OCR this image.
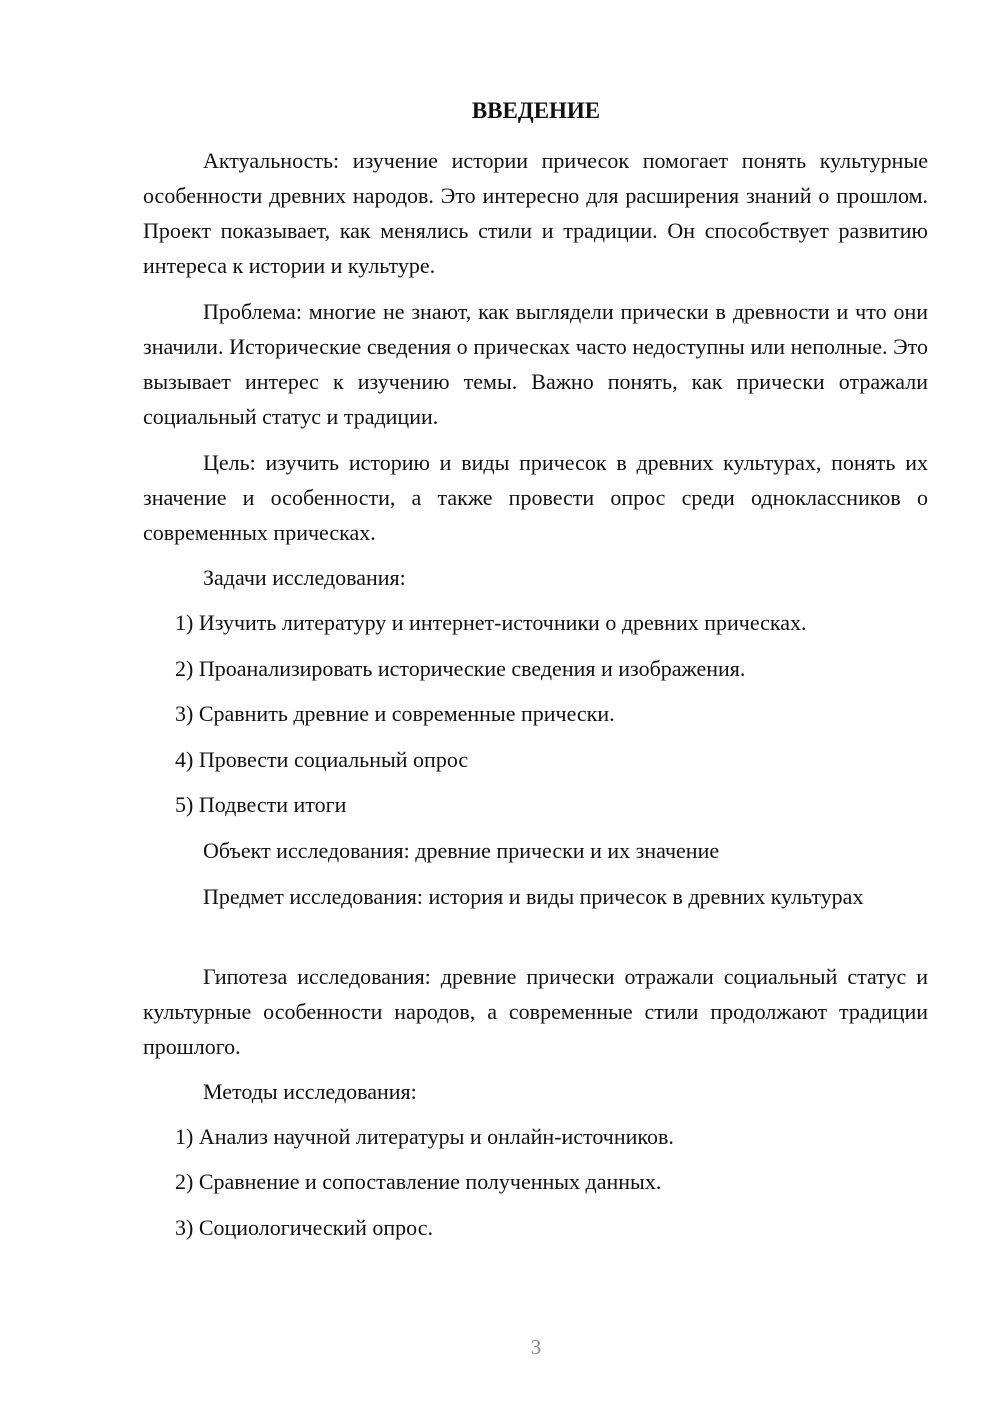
ВВЕДЕНИЕ

Актуальность: изучение истории причесок помогает понять культурные особенности древних народов. Это интересно для расширения знаний о прошлом. Проект показывает, как менялись стили и традиции. Он способствует развитию интереса к истории и культуре.

Проблема: многие не знают, как выглядели прически в древности и что они значили. Исторические сведения о прическах часто недоступны или неполные. Это вызывает интерес к изучению темы. Важно понять, как прически отражали социальный статус и традиции.

Цель: изучить историю и виды причесок в древних культурах, понять их значение и особенности, а также провести опрос среди одноклассников о современных прическах.

Задачи исследования:

1) Изучить литературу и интернет-источники о древних прическах.

2) Проанализировать исторические сведения и изображения.

3) Сравнить древние и современные прически.

4) Провести социальный опрос

5) Подвести итоги

Объект исследования: древние прически и их значение

Предмет исследования: история и виды причесок в древних культурах

Гипотеза исследования: древние прически отражали социальный статус и культурные особенности народов, а современные стили продолжают традиции прошлого.

Методы исследования:

1) Анализ научной литературы и онлайн-источников.

2) Сравнение и сопоставление полученных данных.

3) Социологический опрос.

3
